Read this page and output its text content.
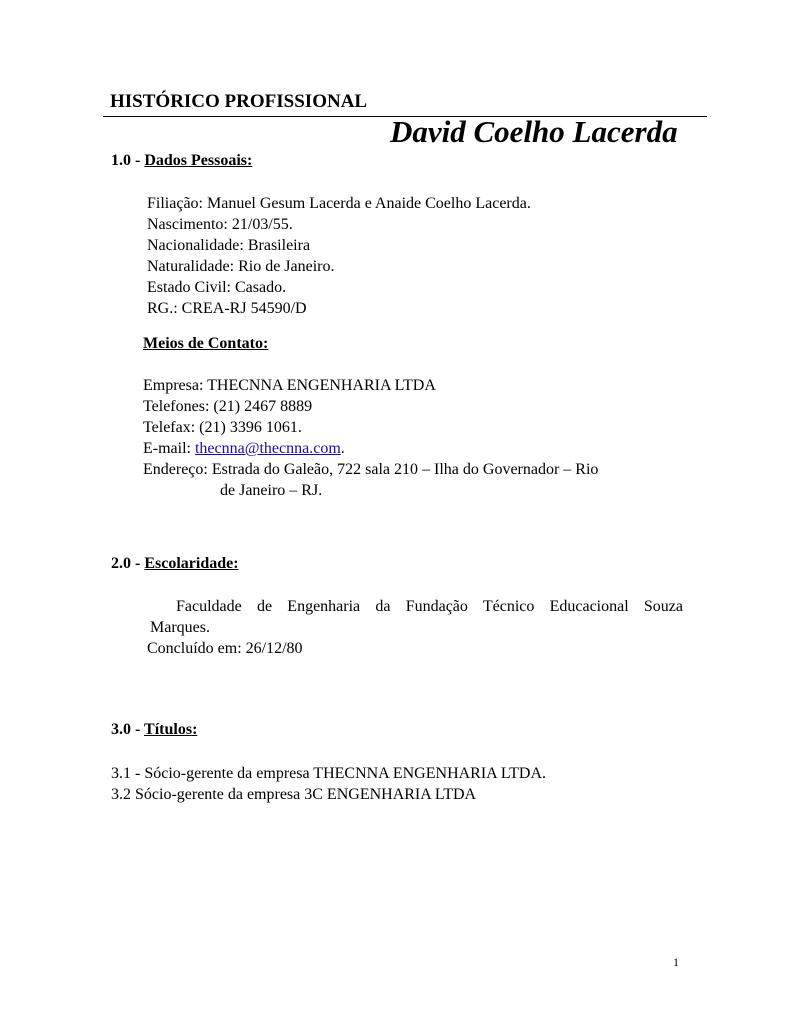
HISTÓRICO PROFISSIONAL
David Coelho Lacerda
1.0 - Dados Pessoais:
Filiação: Manuel Gesum Lacerda e Anaide Coelho Lacerda.
Nascimento: 21/03/55.
Nacionalidade: Brasileira
Naturalidade: Rio de Janeiro.
Estado Civil: Casado.
RG.: CREA-RJ 54590/D
Meios de Contato:
Empresa: THECNNA ENGENHARIA LTDA
Telefones: (21) 2467 8889
Telefax: (21) 3396 1061.
E-mail: thecnna@thecnna.com.
Endereço: Estrada do Galeão, 722 sala 210 – Ilha do Governador – Rio
de Janeiro – RJ.
2.0 - Escolaridade:
Faculdade de Engenharia da Fundação Técnico Educacional Souza
Marques.
Concluído em: 26/12/80
3.0 - Títulos:
3.1 - Sócio-gerente da empresa THECNNA ENGENHARIA LTDA.
3.2 Sócio-gerente da empresa 3C ENGENHARIA LTDA
1
